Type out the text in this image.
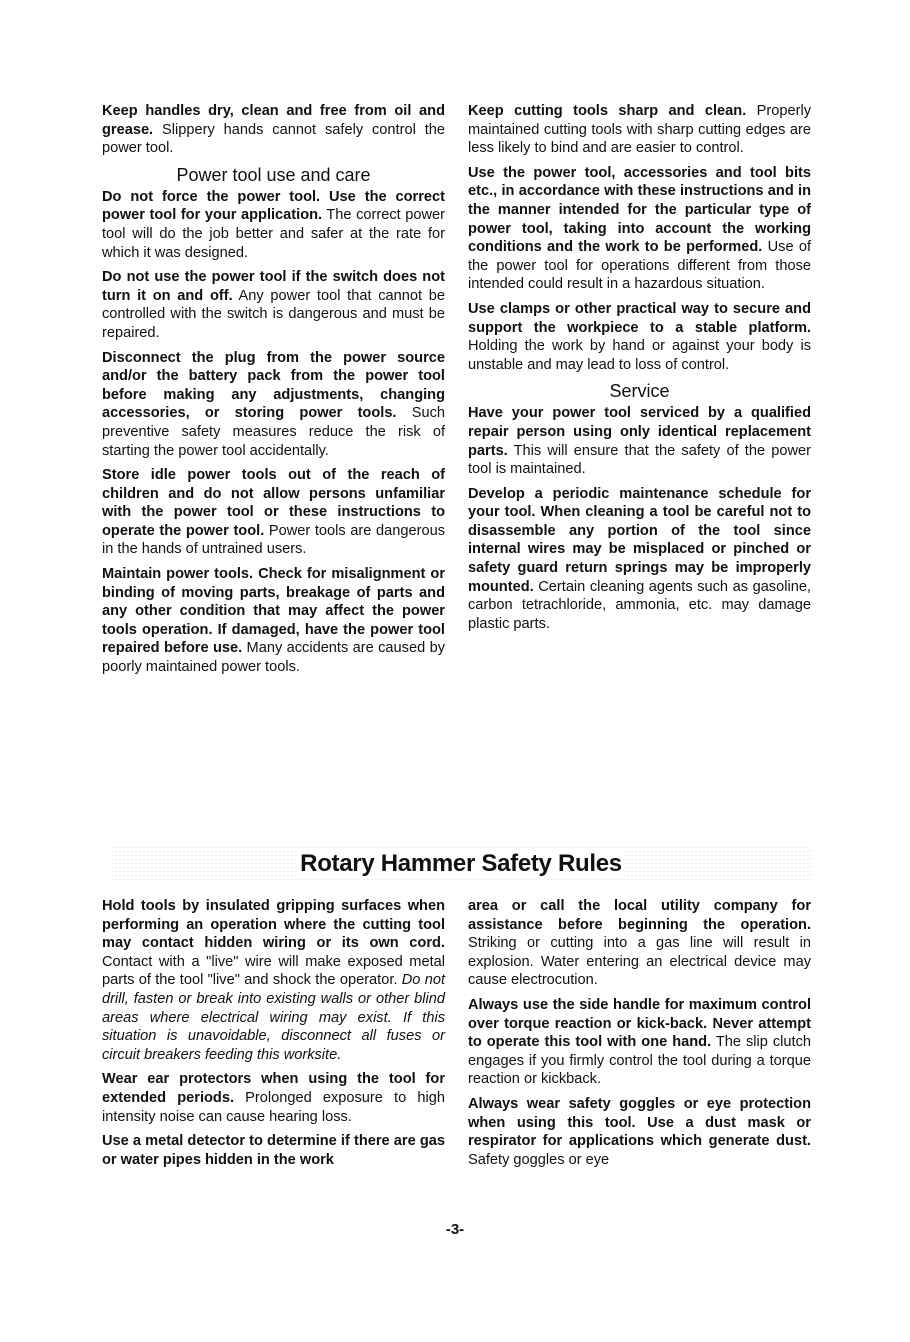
Keep handles dry, clean and free from oil and grease. Slippery hands cannot safely control the power tool.

Power tool use and care

Do not force the power tool. Use the correct power tool for your application. The correct power tool will do the job better and safer at the rate for which it was designed.

Do not use the power tool if the switch does not turn it on and off. Any power tool that cannot be controlled with the switch is dangerous and must be repaired.

Disconnect the plug from the power source and/or the battery pack from the power tool before making any adjustments, changing accessories, or storing power tools. Such preventive safety measures reduce the risk of starting the power tool accidentally.

Store idle power tools out of the reach of children and do not allow persons unfamiliar with the power tool or these instructions to operate the power tool. Power tools are dangerous in the hands of untrained users.

Maintain power tools. Check for misalignment or binding of moving parts, breakage of parts and any other condition that may affect the power tools operation. If damaged, have the power tool repaired before use. Many accidents are caused by poorly maintained power tools.

Keep cutting tools sharp and clean. Properly maintained cutting tools with sharp cutting edges are less likely to bind and are easier to control.

Use the power tool, accessories and tool bits etc., in accordance with these instructions and in the manner intended for the particular type of power tool, taking into account the working conditions and the work to be performed. Use of the power tool for operations different from those intended could result in a hazardous situation.

Use clamps or other practical way to secure and support the workpiece to a stable platform. Holding the work by hand or against your body is unstable and may lead to loss of control.

Service

Have your power tool serviced by a qualified repair person using only identical replacement parts. This will ensure that the safety of the power tool is maintained.

Develop a periodic maintenance schedule for your tool. When cleaning a tool be careful not to disassemble any portion of the tool since internal wires may be misplaced or pinched or safety guard return springs may be improperly mounted. Certain cleaning agents such as gasoline, carbon tetrachloride, ammonia, etc. may damage plastic parts.

Rotary Hammer Safety Rules

Hold tools by insulated gripping surfaces when performing an operation where the cutting tool may contact hidden wiring or its own cord. Contact with a "live" wire will make exposed metal parts of the tool "live" and shock the operator. Do not drill, fasten or break into existing walls or other blind areas where electrical wiring may exist. If this situation is unavoidable, disconnect all fuses or circuit breakers feeding this worksite.

Wear ear protectors when using the tool for extended periods. Prolonged exposure to high intensity noise can cause hearing loss.

Use a metal detector to determine if there are gas or water pipes hidden in the work

area or call the local utility company for assistance before beginning the operation. Striking or cutting into a gas line will result in explosion. Water entering an electrical device may cause electrocution.

Always use the side handle for maximum control over torque reaction or kick-back. Never attempt to operate this tool with one hand. The slip clutch engages if you firmly control the tool during a torque reaction or kickback.

Always wear safety goggles or eye protection when using this tool. Use a dust mask or respirator for applications which generate dust. Safety goggles or eye

-3-
